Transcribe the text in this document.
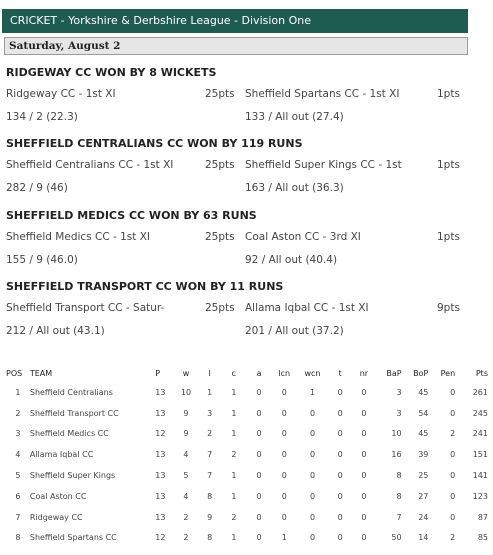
CRICKET - Yorkshire & Derbshire League - Division One
Saturday, August 2
RIDGEWAY CC WON BY 8 WICKETS
Ridgeway CC - 1st XI	25pts Sheffield Spartans CC - 1st XI	1pts
134 / 2 (22.3)	133 / All out (27.4)
SHEFFIELD CENTRALIANS CC WON BY 119 RUNS
Sheffield Centralians CC - 1st XI	25pts Sheffield Super Kings CC - 1st	1pts
282 / 9 (46)	163 / All out (36.3)
SHEFFIELD MEDICS CC WON BY 63 RUNS
Sheffield Medics CC - 1st XI	25pts Coal Aston CC - 3rd XI	1pts
155 / 9 (46.0)	92 / All out (40.4)
SHEFFIELD TRANSPORT CC WON BY 11 RUNS
Sheffield Transport CC - Satur-	25pts Allama Iqbal CC - 1st XI	9pts
212 / All out (43.1)	201 / All out (37.2)
POS	TEAM	P	w	l	c	a	lcn	wcn	t	nr	BaP	BoP	Pen	Pts
1	Sheffield Centralians	13	10	1	1	0	0	1	0	0	3	45	0	261
2	Sheffield Transport CC	13	9	3	1	0	0	0	0	0	3	54	0	245
3	Sheffield Medics CC	12	9	2	1	0	0	0	0	0	10	45	2	241
4	Allama Iqbal CC	13	4	7	2	0	0	0	0	0	16	39	0	151
5	Sheffield Super Kings	13	5	7	1	0	0	0	0	0	8	25	0	141
6	Coal Aston CC	13	4	8	1	0	0	0	0	0	8	27	0	123
7	Ridgeway CC	13	2	9	2	0	0	0	0	0	7	24	0	87
8	Sheffield Spartans CC	12	2	8	1	0	1	0	0	0	50	14	2	85
